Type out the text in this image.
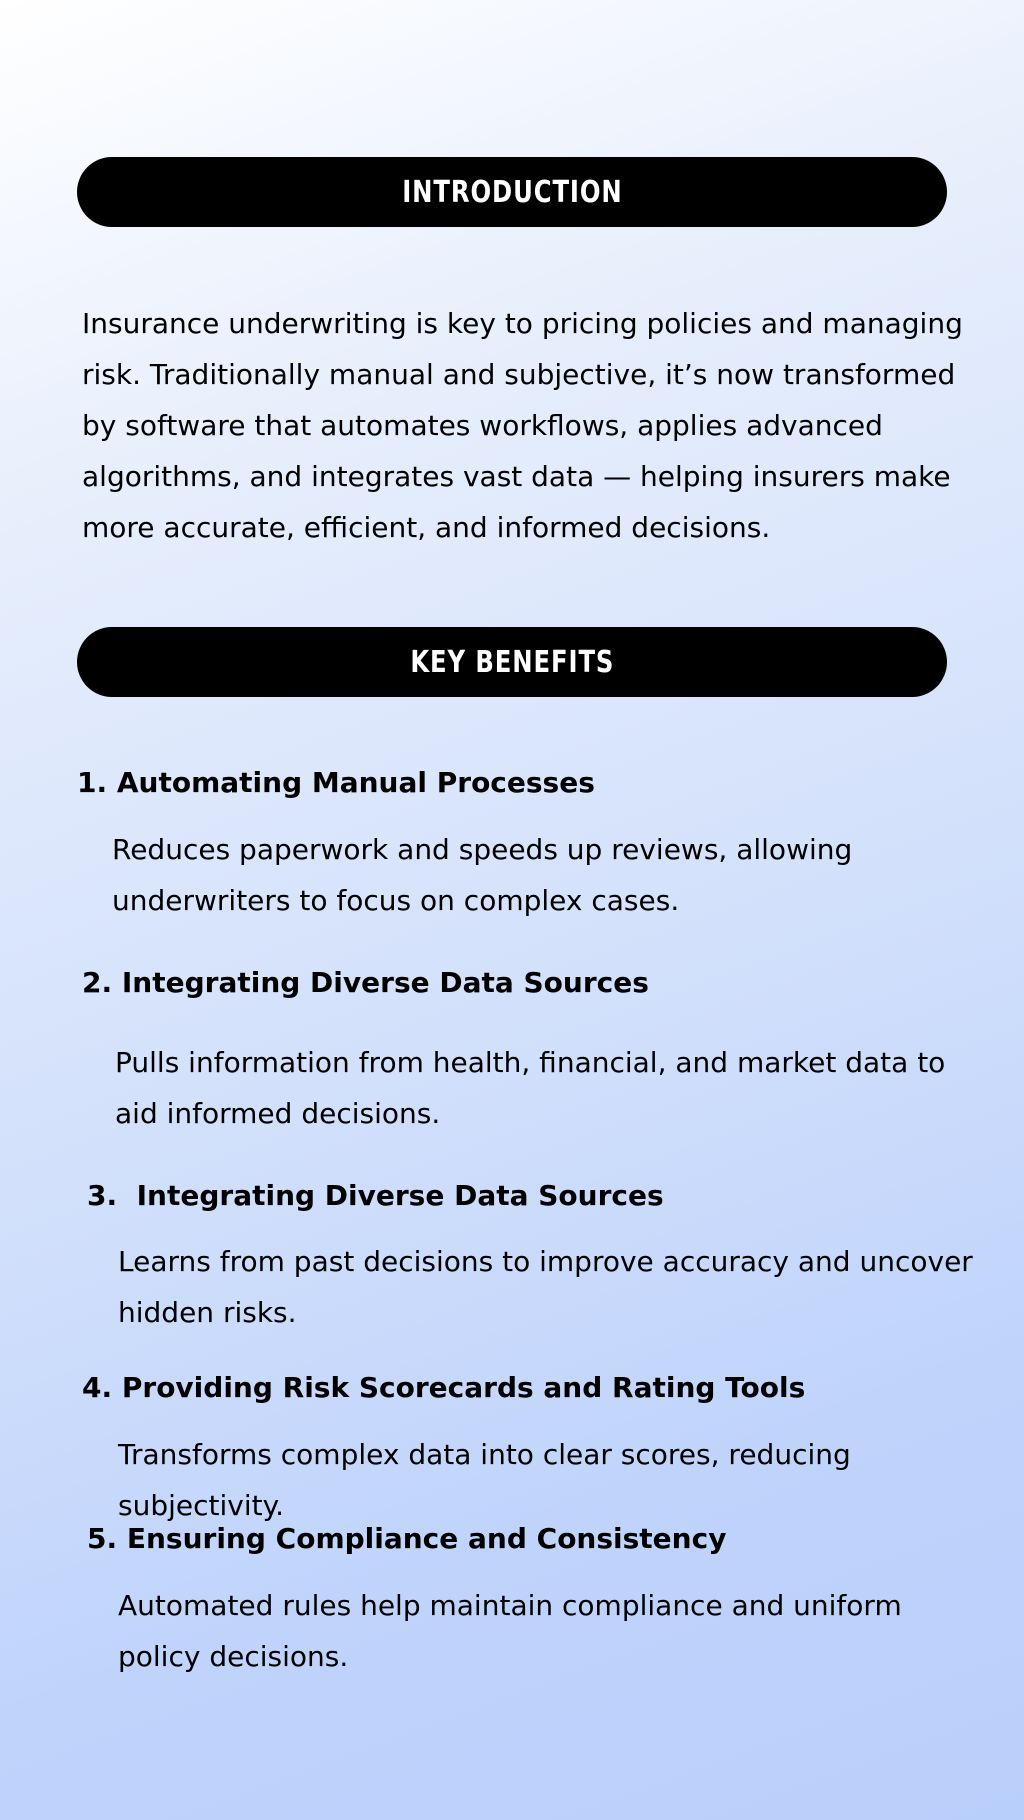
INTRODUCTION

Insurance underwriting is key to pricing policies and managing risk. Traditionally manual and subjective, it’s now transformed by software that automates workflows, applies advanced algorithms, and integrates vast data — helping insurers make more accurate, efficient, and informed decisions.

KEY BENEFITS
1. Automating Manual Processes

Reduces paperwork and speeds up reviews, allowing underwriters to focus on complex cases.

2. Integrating Diverse Data Sources

Pulls information from health, financial, and market data to aid informed decisions.

3.  Integrating Diverse Data Sources

Learns from past decisions to improve accuracy and uncover hidden risks.

4. Providing Risk Scorecards and Rating Tools

Transforms complex data into clear scores, reducing subjectivity.

5. Ensuring Compliance and Consistency

Automated rules help maintain compliance and uniform policy decisions.
